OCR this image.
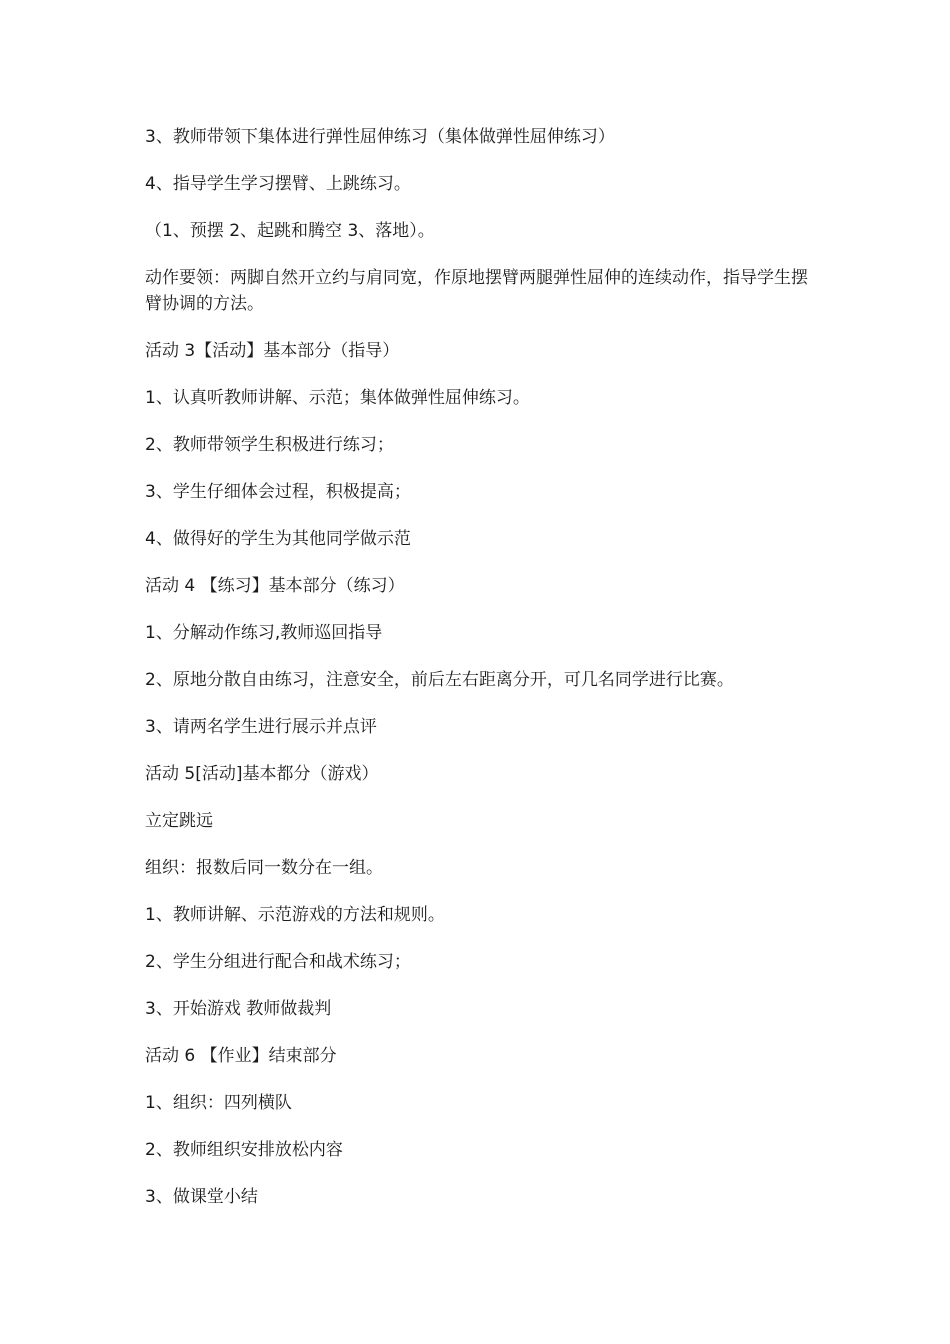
3、教师带领下集体进行弹性屈伸练习（集体做弹性屈伸练习）

4、指导学生学习摆臂、上跳练习。

（1、预摆 2、起跳和腾空 3、落地）。

动作要领：两脚自然开立约与肩同宽，作原地摆臂两腿弹性屈伸的连续动作，指导学生摆臂协调的方法。

活动 3【活动】基本部分（指导）

1、认真听教师讲解、示范；集体做弹性屈伸练习。

2、教师带领学生积极进行练习；

3、学生仔细体会过程，积极提高；

4、做得好的学生为其他同学做示范

活动 4 【练习】基本部分（练习）

1、分解动作练习,教师巡回指导

2、原地分散自由练习，注意安全，前后左右距离分开，可几名同学进行比赛。

3、请两名学生进行展示并点评

活动 5[活动]基本都分（游戏）

立定跳远

组织：报数后同一数分在一组。

1、教师讲解、示范游戏的方法和规则。

2、学生分组进行配合和战术练习；

3、开始游戏 教师做裁判

活动 6 【作业】结束部分

1、组织：四列横队

2、教师组织安排放松内容

3、做课堂小结
